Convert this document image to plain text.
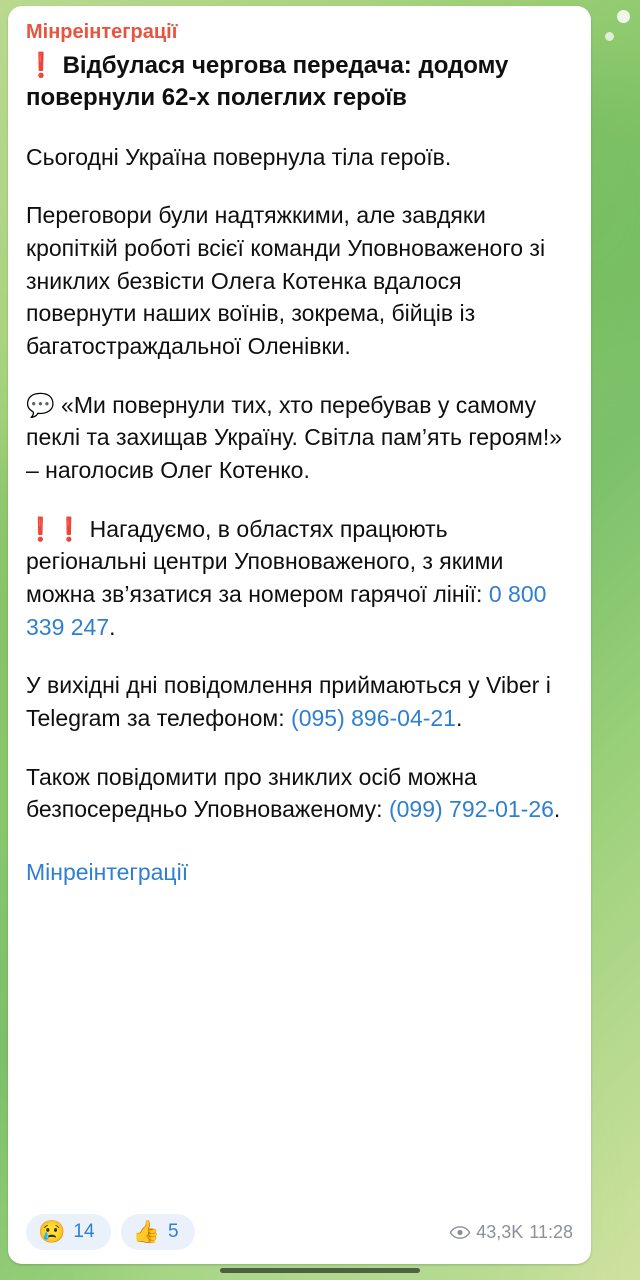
Мінреінтеграції
❗ Відбулася чергова передача: додому повернули 62-х полеглих героїв

Сьогодні Україна повернула тіла героїв.

Переговори були надтяжкими, але завдяки кропіткій роботі всієї команди Уповноваженого зі зниклих безвісти Олега Котенка вдалося повернути наших воїнів, зокрема, бійців із багатостраждальної Оленівки.

💬 «Ми повернули тих, хто перебував у самому пеклі та захищав Україну. Світла пам’ять героям!» – наголосив Олег Котенко.

❗❗ Нагадуємо, в областях працюють регіональні центри Уповноваженого, з якими можна зв’язатися за номером гарячої лінії: 0 800 339 247.

У вихідні дні повідомлення приймаються у Viber і Telegram за телефоном: (095) 896-04-21.

Також повідомити про зниклих осіб можна безпосередньо Уповноваженому: (099) 792-01-26.

Мінреінтеграції
😢 14 👍 5	43,3K 11:28
